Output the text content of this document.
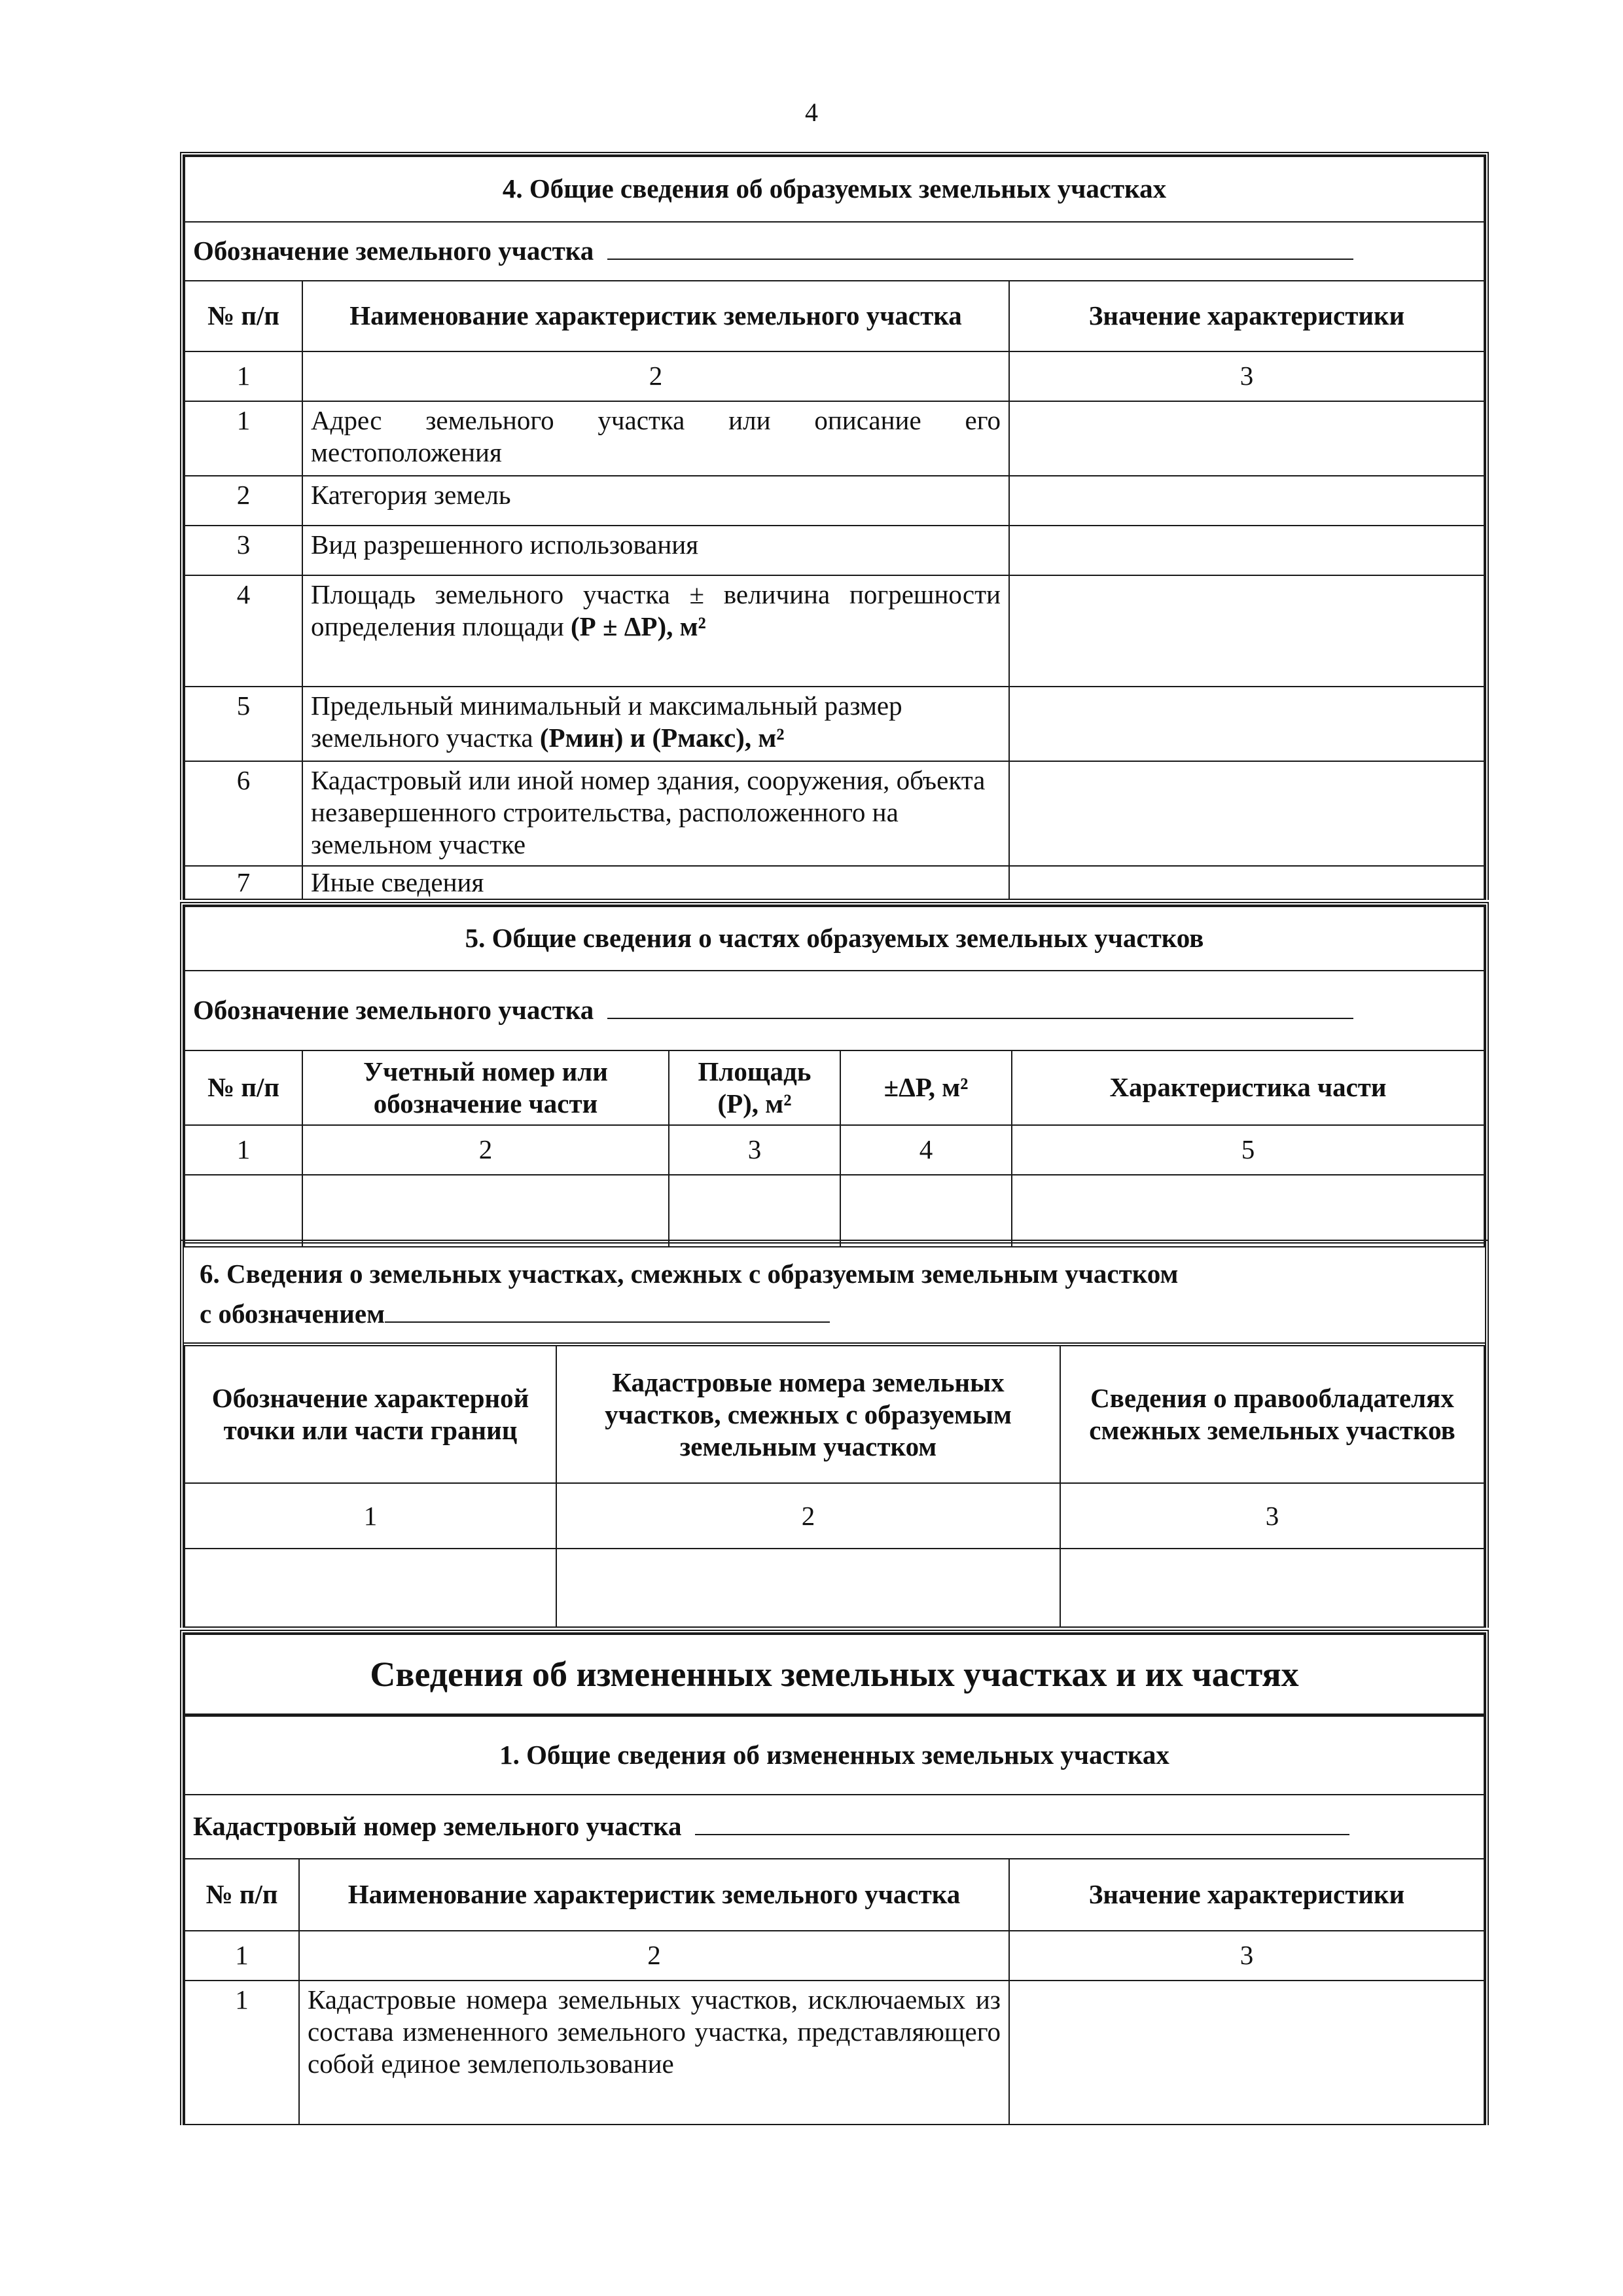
4
4. Общие сведения об образуемых земельных участках		
Обозначение земельного участка		
№ п/п	Наименование характеристик земельного участка	Значение характеристики
1	2	3
1	Адрес земельного участка или описание его местоположения	
2	Категория земель	
3	Вид разрешенного использования	
4	Площадь земельного участка ± величина погрешности определения площади (Р ± ΔР), м²	
5	Предельный минимальный и максимальный размер земельного участка (Рмин) и (Рмакс), м²	
6	Кадастровый или иной номер здания, сооружения, объекта незавершенного строительства, расположенного на земельном участке	
7	Иные сведения	
5. Общие сведения о частях образуемых земельных участков				
Обозначение земельного участка				
№ п/п	Учетный номер или обозначение части	Площадь (Р), м²	±ΔР, м²	Характеристика части
1	2	3	4	5

6. Сведения о земельных участках, смежных с образуемым земельным участком
с обозначением
Обозначение характерной точки или части границ	Кадастровые номера земельных участков, смежных с образуемым земельным участком	Сведения о правообладателях смежных земельных участков
1	2	3

Сведения об измененных земельных участках и их частях		
1. Общие сведения об измененных земельных участках		
Кадастровый номер земельного участка		
№ п/п	Наименование характеристик земельного участка	Значение характеристики
1	2	3
1	Кадастровые номера земельных участков, исключаемых из состава измененного земельного участка, представляющего собой единое землепользование	
